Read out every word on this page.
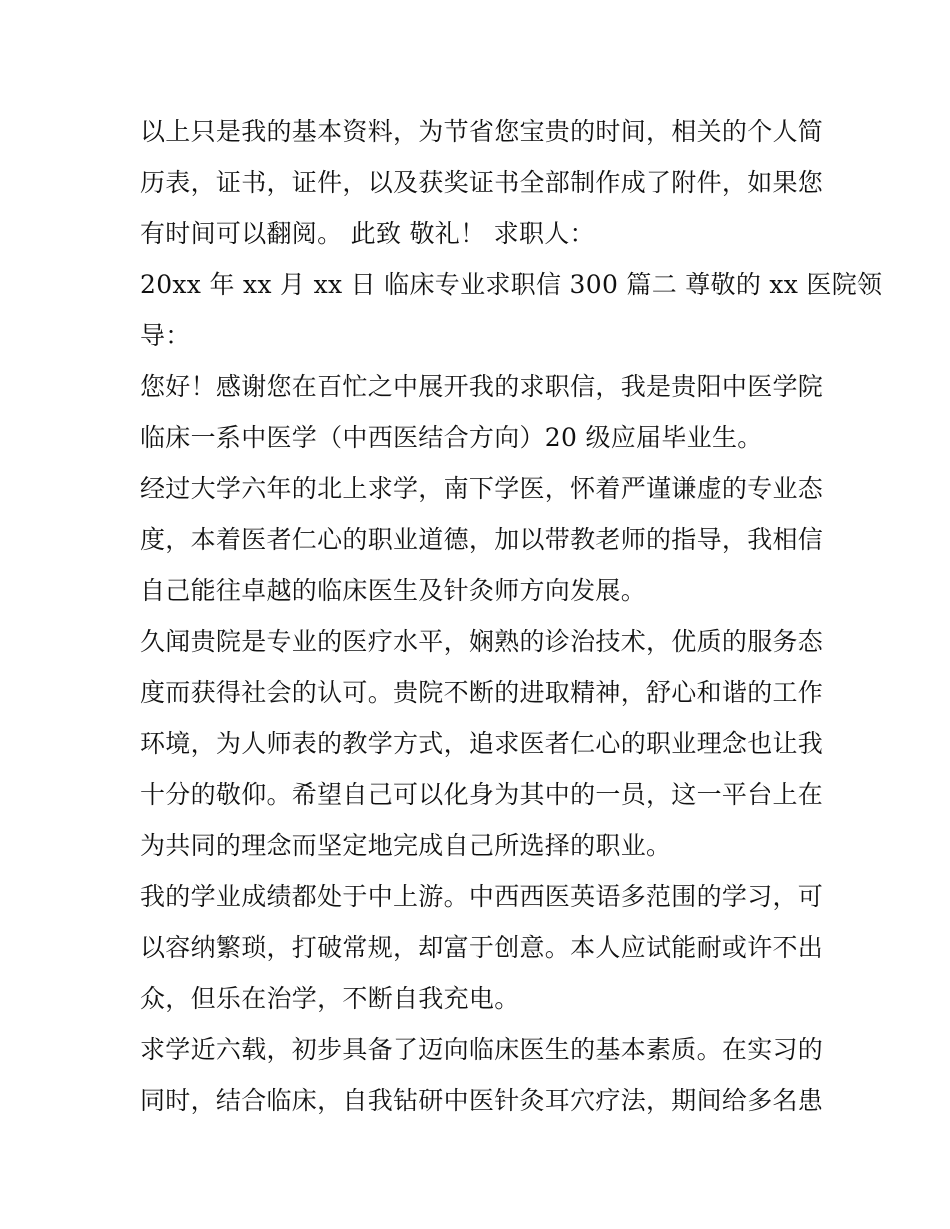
以上只是我的基本资料，为节省您宝贵的时间，相关的个人简
历表，证书，证件，以及获奖证书全部制作成了附件，如果您
有时间可以翻阅。 此致 敬礼！ 求职人：
20xx 年 xx 月 xx 日 临床专业求职信 300 篇二 尊敬的 xx 医院领
导：
您好！感谢您在百忙之中展开我的求职信，我是贵阳中医学院
临床一系中医学（中西医结合方向）20 级应届毕业生。
经过大学六年的北上求学，南下学医，怀着严谨谦虚的专业态
度，本着医者仁心的职业道德，加以带教老师的指导，我相信
自己能往卓越的临床医生及针灸师方向发展。
久闻贵院是专业的医疗水平，娴熟的诊治技术，优质的服务态
度而获得社会的认可。贵院不断的进取精神，舒心和谐的工作
环境，为人师表的教学方式，追求医者仁心的职业理念也让我
十分的敬仰。希望自己可以化身为其中的一员，这一平台上在
为共同的理念而坚定地完成自己所选择的职业。
我的学业成绩都处于中上游。中西西医英语多范围的学习，可
以容纳繁琐，打破常规，却富于创意。本人应试能耐或许不出
众，但乐在治学，不断自我充电。
求学近六载，初步具备了迈向临床医生的基本素质。在实习的
同时，结合临床，自我钻研中医针灸耳穴疗法，期间给多名患
